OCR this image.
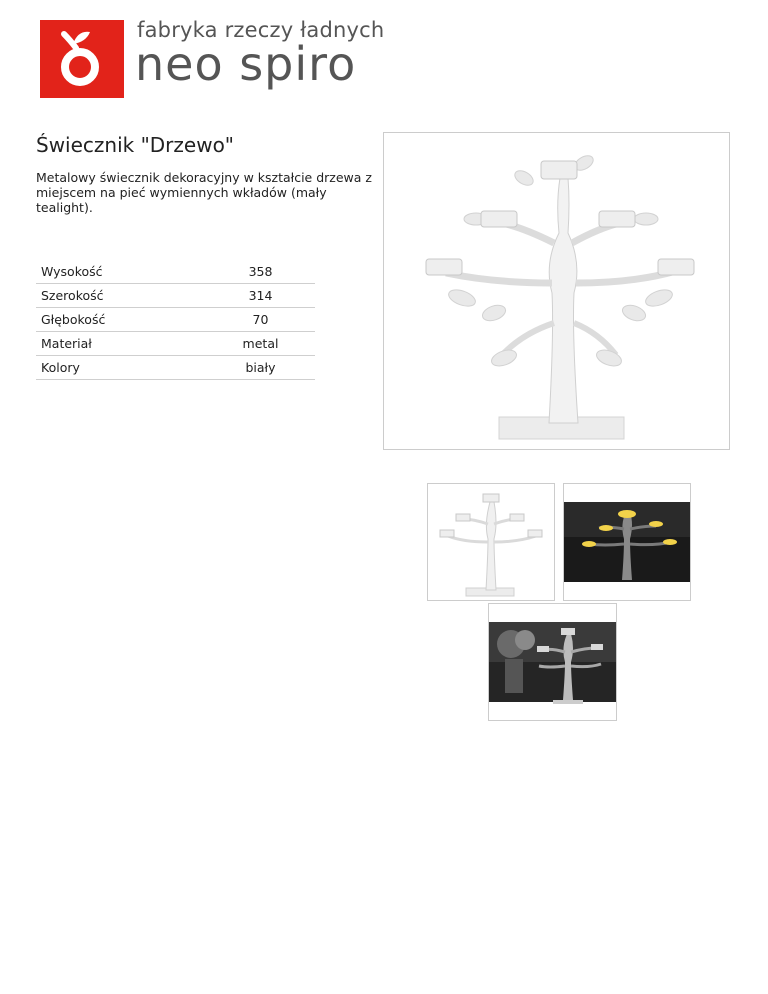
fabryka rzeczy ładnych
neo spiro
Świecznik "Drzewo"

Metalowy świecznik dekoracyjny w kształcie drzewa z miejscem na pieć wymiennych wkładów (mały tealight).

Wysokość	358
Szerokość	314
Głębokość	70
Materiał	metal
Kolory	biały
